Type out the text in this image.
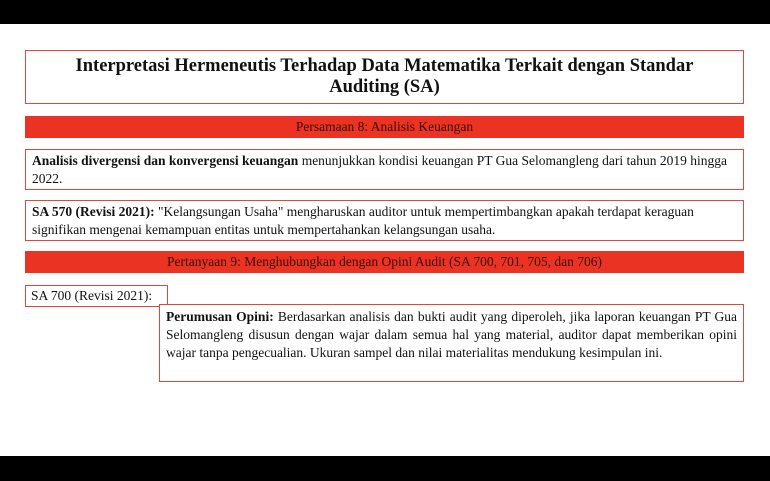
Interpretasi Hermeneutis Terhadap Data Matematika Terkait dengan Standar Auditing (SA)
Persamaan 8: Analisis Keuangan
Analisis divergensi dan konvergensi keuangan menunjukkan kondisi keuangan PT Gua Selomangleng dari tahun 2019 hingga 2022.
SA 570 (Revisi 2021): "Kelangsungan Usaha" mengharuskan auditor untuk mempertimbangkan apakah terdapat keraguan signifikan mengenai kemampuan entitas untuk mempertahankan kelangsungan usaha.
Pertanyaan 9: Menghubungkan dengan Opini Audit (SA 700, 701, 705, dan 706)
SA 700 (Revisi 2021):
Perumusan Opini: Berdasarkan analisis dan bukti audit yang diperoleh, jika laporan keuangan PT Gua Selomangleng disusun dengan wajar dalam semua hal yang material, auditor dapat memberikan opini wajar tanpa pengecualian. Ukuran sampel dan nilai materialitas mendukung kesimpulan ini.
